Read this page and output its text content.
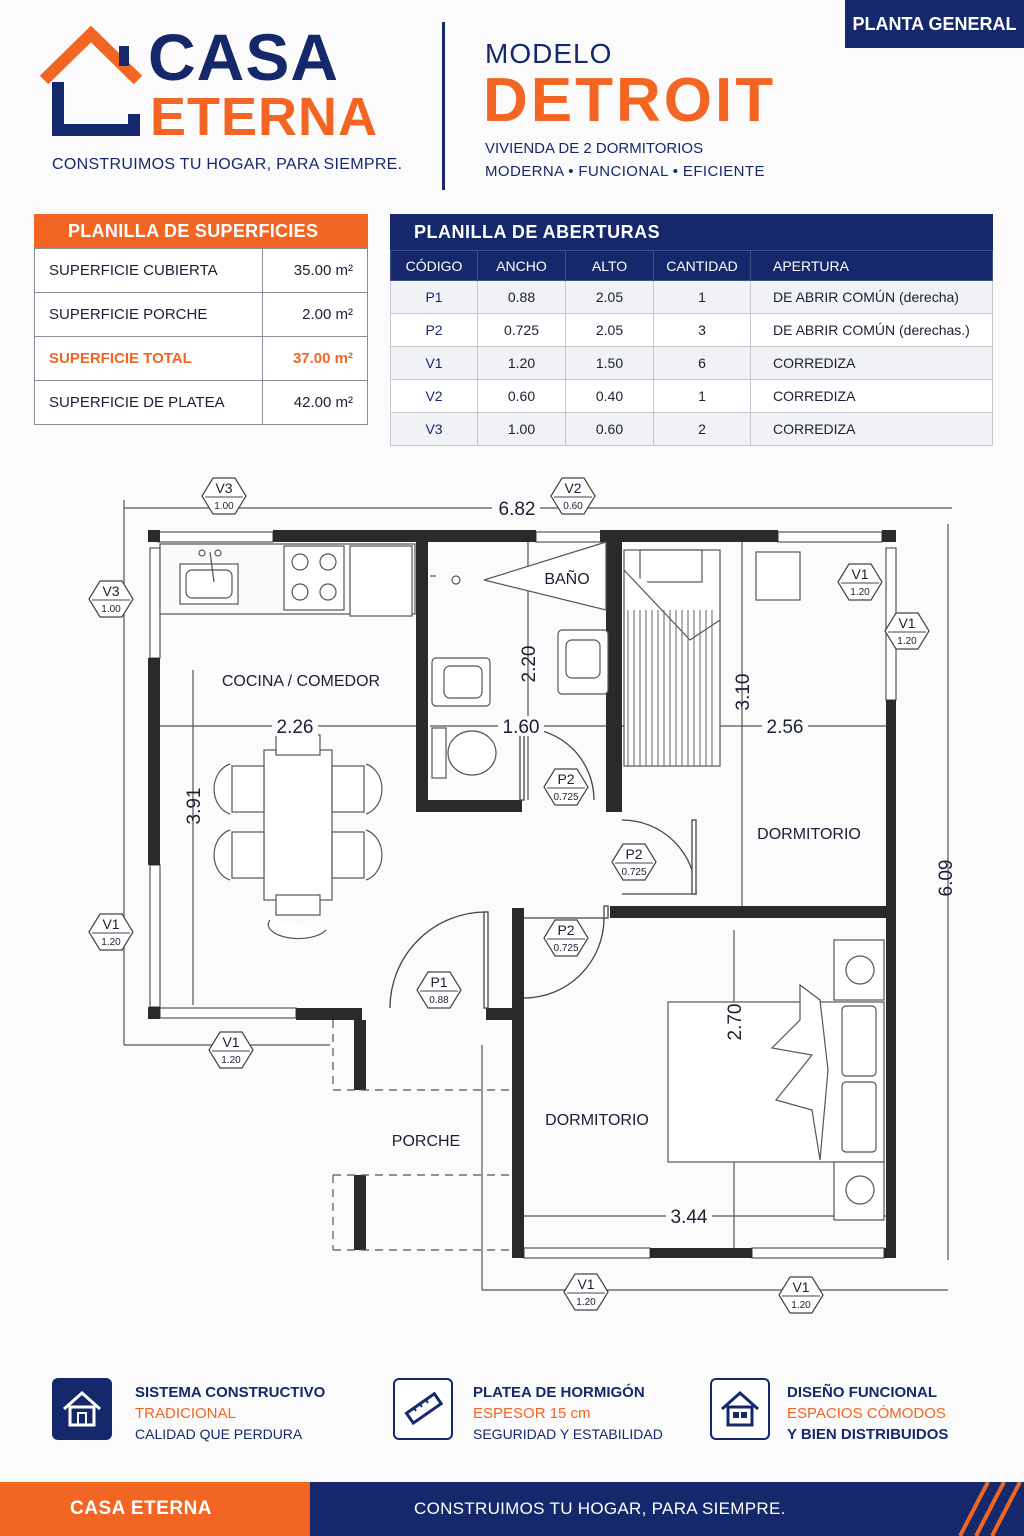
PLANTA GENERAL
CASA
ETERNA
CONSTRUIMOS TU HOGAR, PARA SIEMPRE.
MODELO
DETROIT
VIVIENDA DE 2 DORMITORIOS
MODERNA • FUNCIONAL • EFICIENTE
PLANILLA DE SUPERFICIES
SUPERFICIE CUBIERTA	35.00 m²
SUPERFICIE PORCHE	2.00 m²
SUPERFICIE TOTAL	37.00 m²
SUPERFICIE DE PLATEA	42.00 m²
PLANILLA DE ABERTURAS
CÓDIGO	ANCHO	ALTO	CANTIDAD	APERTURA
P1	0.88	2.05	1	DE ABRIR COMÚN (derecha)
P2	0.725	2.05	3	DE ABRIR COMÚN (derechas.)
V1	1.20	1.50	6	CORREDIZA
V2	0.60	0.40	1	CORREDIZA
V3	1.00	0.60	2	CORREDIZA
COCINA / COMEDOR
BAÑO
DORMITORIO
DORMITORIO
PORCHE
6.82
6.09
2.26
3.91
1.60
2.20
2.56
3.10
3.44
2.70
V3
1.00
V2
0.60
V3
1.00
V1
1.20
V1
1.20
V1
1.20
V1
1.20
V1
1.20
V1
1.20
P2
0.725
P2
0.725
P2
0.725
P1
0.88
SISTEMA CONSTRUCTIVO
TRADICIONAL
CALIDAD QUE PERDURA
PLATEA DE HORMIGÓN
ESPESOR 15 cm
SEGURIDAD Y ESTABILIDAD
DISEÑO FUNCIONAL
ESPACIOS CÓMODOS
Y BIEN DISTRIBUIDOS
CASA ETERNA	CONSTRUIMOS TU HOGAR, PARA SIEMPRE.
